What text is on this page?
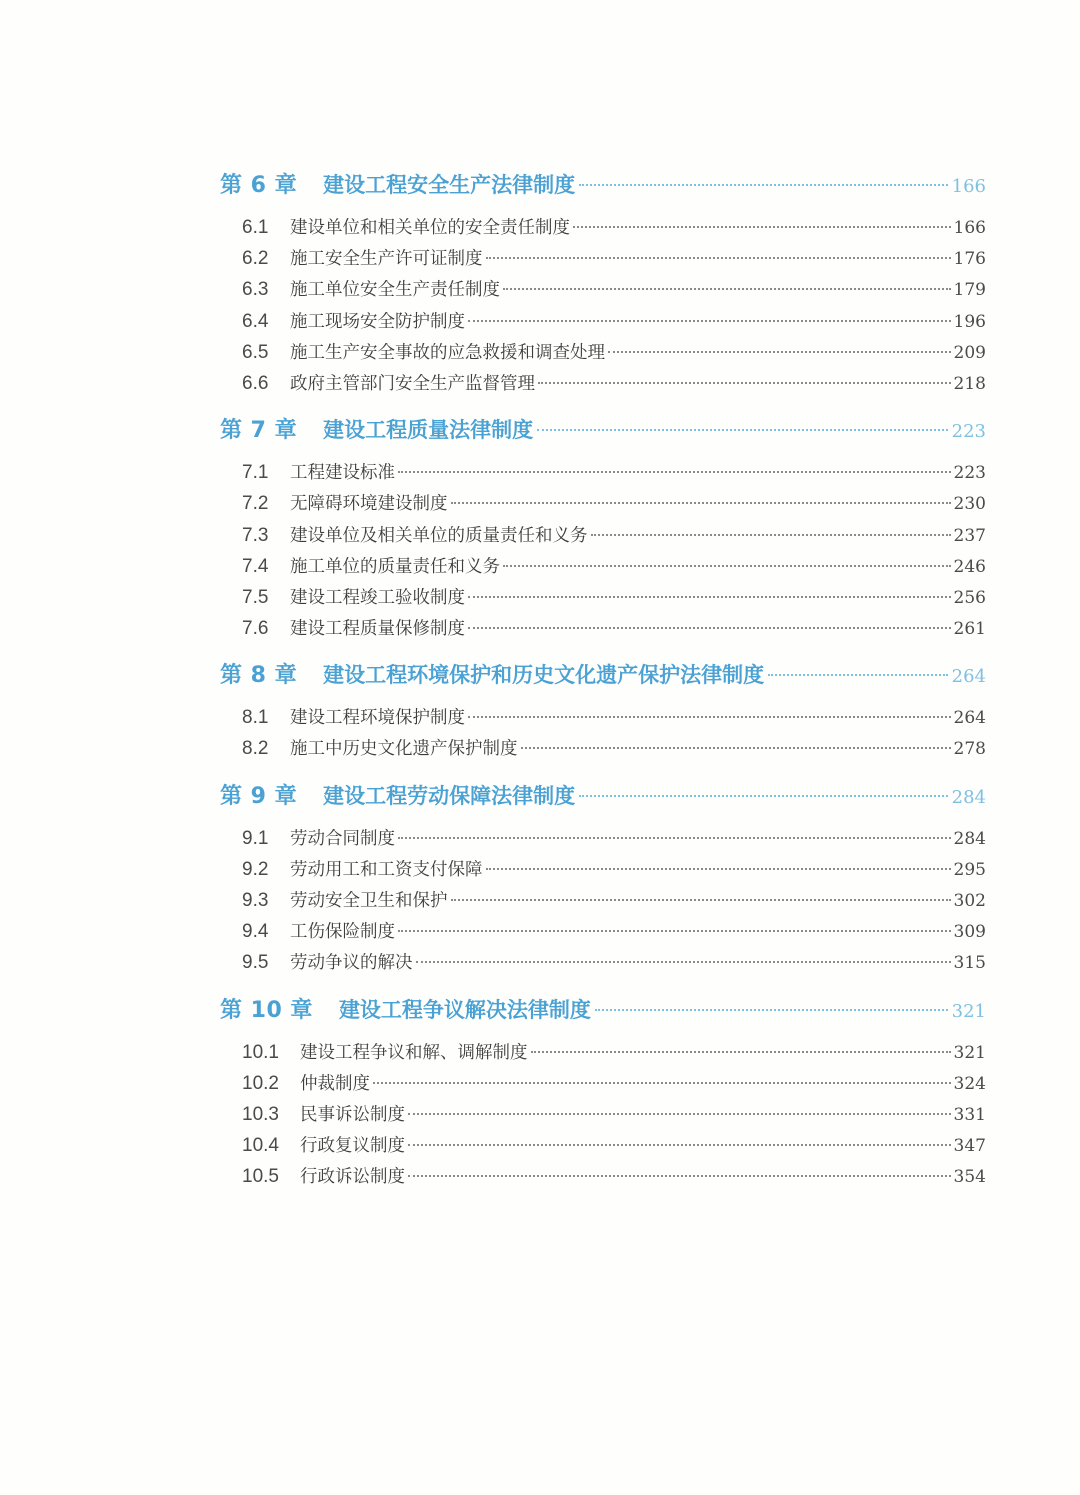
第 6 章 建设工程安全生产法律制度	166
6.1	建设单位和相关单位的安全责任制度	166
6.2	施工安全生产许可证制度	176
6.3	施工单位安全生产责任制度	179
6.4	施工现场安全防护制度	196
6.5	施工生产安全事故的应急救援和调查处理	209
6.6	政府主管部门安全生产监督管理	218
第 7 章 建设工程质量法律制度	223
7.1	工程建设标准	223
7.2	无障碍环境建设制度	230
7.3	建设单位及相关单位的质量责任和义务	237
7.4	施工单位的质量责任和义务	246
7.5	建设工程竣工验收制度	256
7.6	建设工程质量保修制度	261
第 8 章 建设工程环境保护和历史文化遗产保护法律制度	264
8.1	建设工程环境保护制度	264
8.2	施工中历史文化遗产保护制度	278
第 9 章 建设工程劳动保障法律制度	284
9.1	劳动合同制度	284
9.2	劳动用工和工资支付保障	295
9.3	劳动安全卫生和保护	302
9.4	工伤保险制度	309
9.5	劳动争议的解决	315
第 10 章 建设工程争议解决法律制度	321
10.1	建设工程争议和解、调解制度	321
10.2	仲裁制度	324
10.3	民事诉讼制度	331
10.4	行政复议制度	347
10.5	行政诉讼制度	354
